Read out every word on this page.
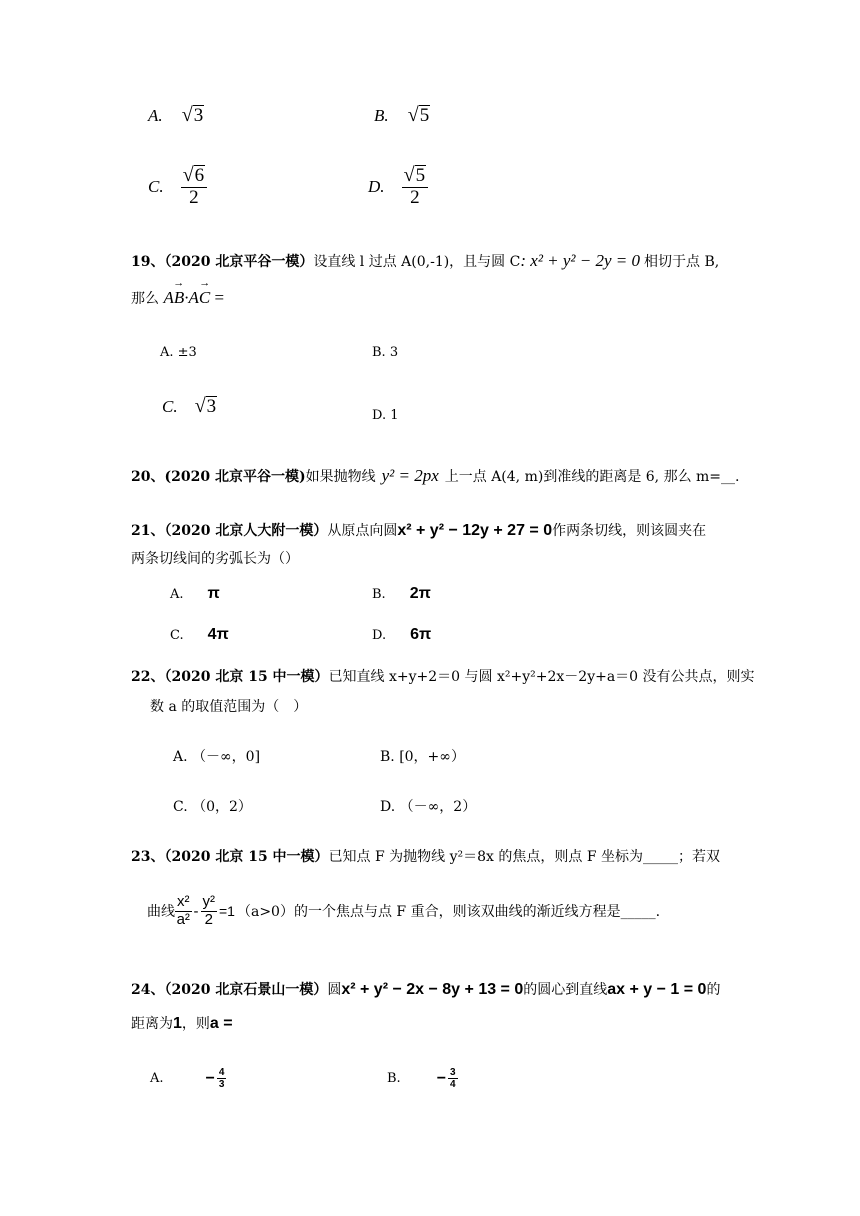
A. √ 3	B. √ 5
C. $\frac{√ 6}{2}$	D. $\frac{√ 5}{2}$
19、（2020 北京平谷一模）设直线 l 过点 A(0,-1)，且与圆 C: x² + y² − 2y = 0 相切于点 B,
那么 AB →·AC → =
A. ±3	B. 3
C. √ 3	D. 1
20、(2020 北京平谷一模)如果抛物线 y² = 2px 上一点 A(4, m)到准线的距离是 6, 那么 m=__.
21、（2020 北京人大附一模）从原点向圆x² + y² − 12y + 27 = 0作两条切线，则该圆夹在
两条切线间的劣弧长为（）
A. π	B. 2π
C. 4π	D. 6π
22、（2020 北京 15 中一模）已知直线 x+y+2＝0 与圆 x²+y²+2x－2y+a＝0 没有公共点，则实
数 a 的取值范围为（　）
A. （－∞，0]	B. [0，+∞）
C. （0，2）	D. （－∞，2）
23、（2020 北京 15 中一模）已知点 F 为抛物线 y²＝8x 的焦点，则点 F 坐标为_____；若双
曲线 $\frac{\text{x²}}{\text{a²}} - \frac{\text{y²}}{2} =1$ （a>0）的一个焦点与点 F 重合，则该双曲线的渐近线方程是_____.
24、（2020 北京石景山一模）圆x² + y² − 2x − 8y + 13 = 0的圆心到直线ax + y − 1 = 0的
距离为1，则a =
A.	− $\frac{4}{3}$	B. − $\frac{3}{4}$
